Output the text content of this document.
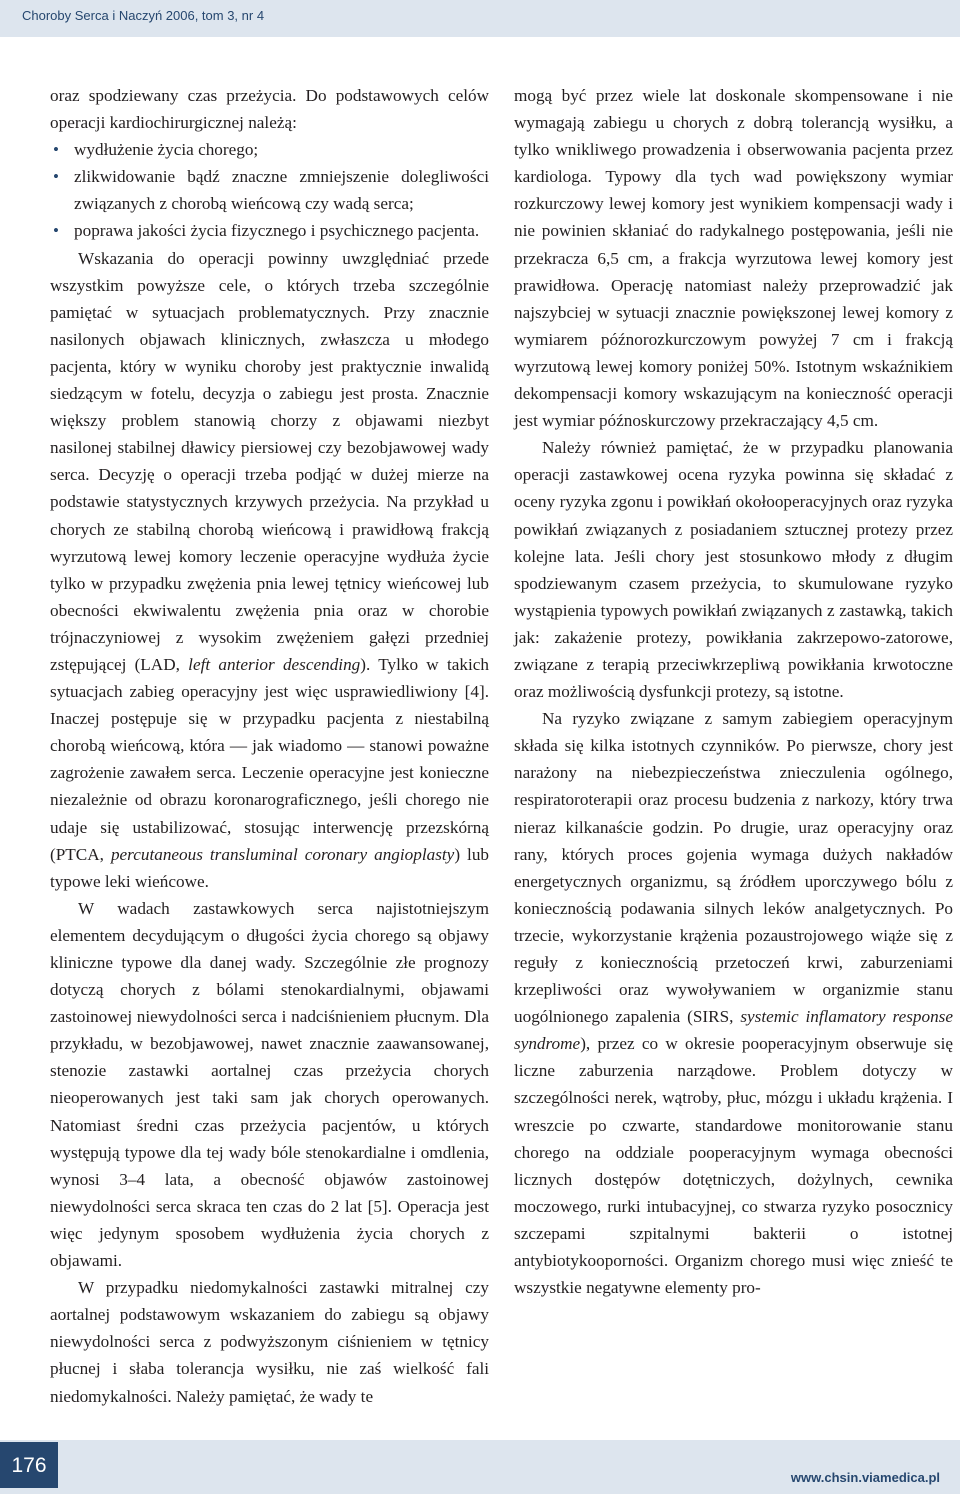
Choroby Serca i Naczyń 2006, tom 3, nr 4

oraz spodziewany czas przeżycia. Do podstawowych celów operacji kardiochirurgicznej należą:

• wydłużenie życia chorego;
• zlikwidowanie bądź znaczne zmniejszenie dolegliwości związanych z chorobą wieńcową czy wadą serca;
• poprawa jakości życia fizycznego i psychicznego pacjenta.

Wskazania do operacji powinny uwzględniać przede wszystkim powyższe cele, o których trzeba szczególnie pamiętać w sytuacjach problematycznych. Przy znacznie nasilonych objawach klinicznych, zwłaszcza u młodego pacjenta, który w wyniku choroby jest praktycznie inwalidą siedzącym w fotelu, decyzja o zabiegu jest prosta. Znacznie większy problem stanowią chorzy z objawami niezbyt nasilonej stabilnej dławicy piersiowej czy bezobjawowej wady serca. Decyzję o operacji trzeba podjąć w dużej mierze na podstawie statystycznych krzywych przeżycia. Na przykład u chorych ze stabilną chorobą wieńcową i prawidłową frakcją wyrzutową lewej komory leczenie operacyjne wydłuża życie tylko w przypadku zwężenia pnia lewej tętnicy wieńcowej lub obecności ekwiwalentu zwężenia pnia oraz w chorobie trójnaczyniowej z wysokim zwężeniem gałęzi przedniej zstępującej (LAD, left anterior descending). Tylko w takich sytuacjach zabieg operacyjny jest więc usprawiedliwiony [4]. Inaczej postępuje się w przypadku pacjenta z niestabilną chorobą wieńcową, która — jak wiadomo — stanowi poważne zagrożenie zawałem serca. Leczenie operacyjne jest konieczne niezależnie od obrazu koronarograficznego, jeśli chorego nie udaje się ustabilizować, stosując interwencję przezskórną (PTCA, percutaneous transluminal coronary angioplasty) lub typowe leki wieńcowe.

W wadach zastawkowych serca najistotniejszym elementem decydującym o długości życia chorego są objawy kliniczne typowe dla danej wady. Szczególnie złe prognozy dotyczą chorych z bólami stenokardialnymi, objawami zastoinowej niewydolności serca i nadciśnieniem płucnym. Dla przykładu, w bezobjawowej, nawet znacznie zaawansowanej, stenozie zastawki aortalnej czas przeżycia chorych nieoperowanych jest taki sam jak chorych operowanych. Natomiast średni czas przeżycia pacjentów, u których występują typowe dla tej wady bóle stenokardialne i omdlenia, wynosi 3–4 lata, a obecność objawów zastoinowej niewydolności serca skraca ten czas do 2 lat [5]. Operacja jest więc jedynym sposobem wydłużenia życia chorych z objawami.

W przypadku niedomykalności zastawki mitralnej czy aortalnej podstawowym wskazaniem do zabiegu są objawy niewydolności serca z podwyższonym ciśnieniem w tętnicy płucnej i słaba tolerancja wysiłku, nie zaś wielkość fali niedomykalności. Należy pamiętać, że wady te

mogą być przez wiele lat doskonale skompensowane i nie wymagają zabiegu u chorych z dobrą tolerancją wysiłku, a tylko wnikliwego prowadzenia i obserwowania pacjenta przez kardiologa. Typowy dla tych wad powiększony wymiar rozkurczowy lewej komory jest wynikiem kompensacji wady i nie powinien skłaniać do radykalnego postępowania, jeśli nie przekracza 6,5 cm, a frakcja wyrzutowa lewej komory jest prawidłowa. Operację natomiast należy przeprowadzić jak najszybciej w sytuacji znacznie powiększonej lewej komory z wymiarem późnorozkurczowym powyżej 7 cm i frakcją wyrzutową lewej komory poniżej 50%. Istotnym wskaźnikiem dekompensacji komory wskazującym na konieczność operacji jest wymiar późnoskurczowy przekraczający 4,5 cm.

Należy również pamiętać, że w przypadku planowania operacji zastawkowej ocena ryzyka powinna się składać z oceny ryzyka zgonu i powikłań okołooperacyjnych oraz ryzyka powikłań związanych z posiadaniem sztucznej protezy przez kolejne lata. Jeśli chory jest stosunkowo młody z długim spodziewanym czasem przeżycia, to skumulowane ryzyko wystąpienia typowych powikłań związanych z zastawką, takich jak: zakażenie protezy, powikłania zakrzepowo-zatorowe, związane z terapią przeciwkrzepliwą powikłania krwotoczne oraz możliwością dysfunkcji protezy, są istotne.

Na ryzyko związane z samym zabiegiem operacyjnym składa się kilka istotnych czynników. Po pierwsze, chory jest narażony na niebezpieczeństwa znieczulenia ogólnego, respiratoroterapii oraz procesu budzenia z narkozy, który trwa nieraz kilkanaście godzin. Po drugie, uraz operacyjny oraz rany, których proces gojenia wymaga dużych nakładów energetycznych organizmu, są źródłem uporczywego bólu z koniecznością podawania silnych leków analgetycznych. Po trzecie, wykorzystanie krążenia pozaustrojowego wiąże się z reguły z koniecznością przetoczeń krwi, zaburzeniami krzepliwości oraz wywoływaniem w organizmie stanu uogólnionego zapalenia (SIRS, systemic inflamatory response syndrome), przez co w okresie pooperacyjnym obserwuje się liczne zaburzenia narządowe. Problem dotyczy w szczególności nerek, wątroby, płuc, mózgu i układu krążenia. I wreszcie po czwarte, standardowe monitorowanie stanu chorego na oddziale pooperacyjnym wymaga obecności licznych dostępów dotętniczych, dożylnych, cewnika moczowego, rurki intubacyjnej, co stwarza ryzyko posocznicy szczepami szpitalnymi bakterii o istotnej antybiotykooporności. Organizm chorego musi więc znieść te wszystkie negatywne elementy pro-

176
www.chsin.viamedica.pl
